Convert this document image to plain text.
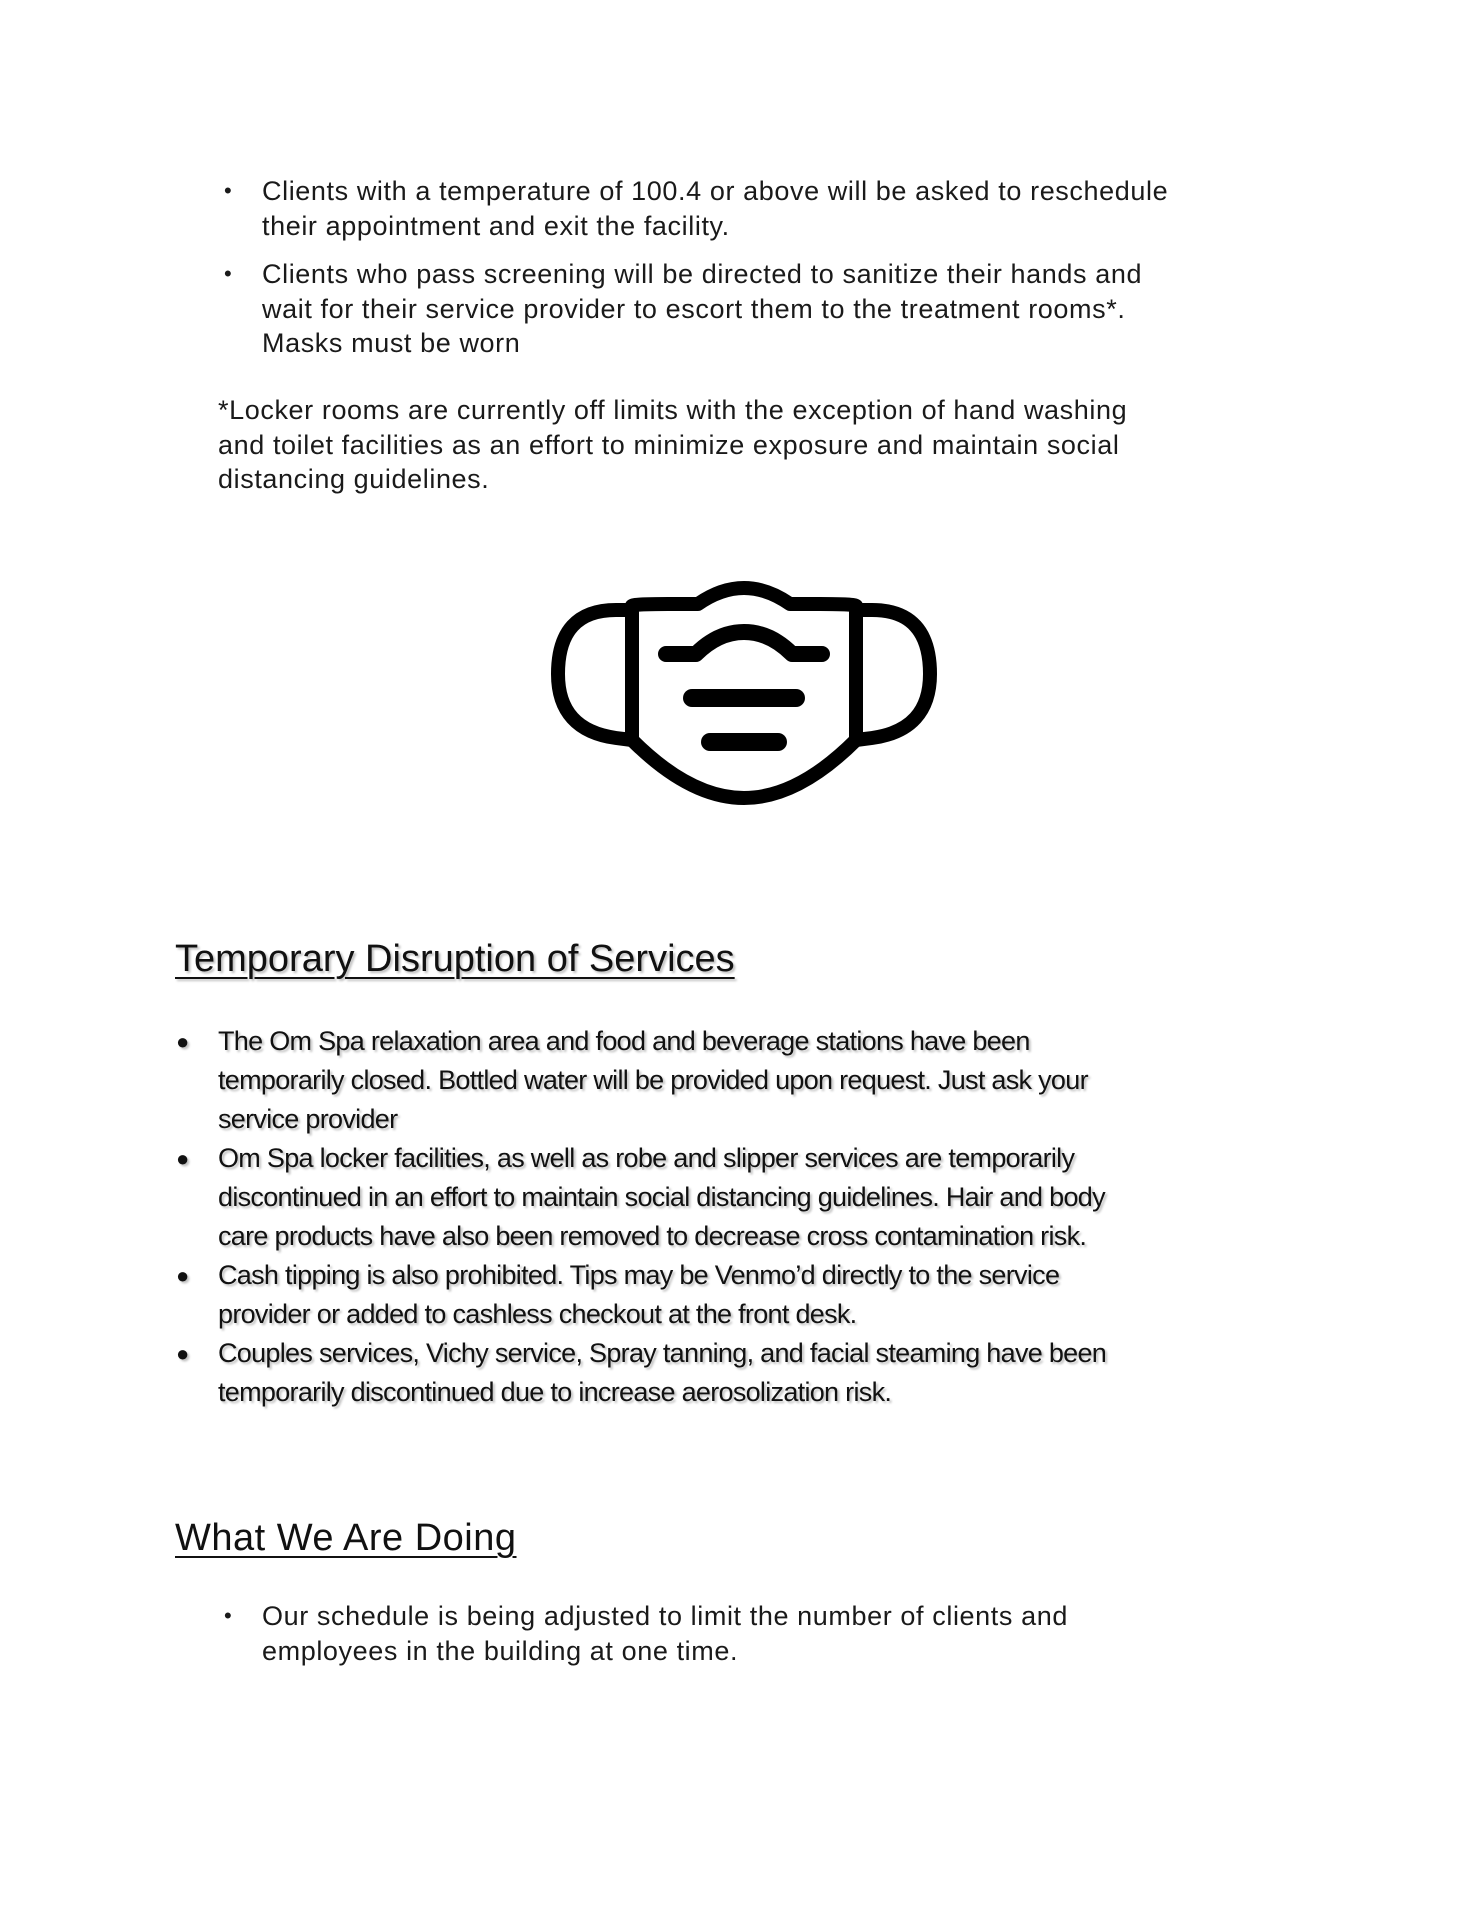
• Clients with a temperature of 100.4 or above will be asked to reschedule
their appointment and exit the facility.
• Clients who pass screening will be directed to sanitize their hands and
wait for their service provider to escort them to the treatment rooms*.
Masks must be worn
*Locker rooms are currently off limits with the exception of hand washing
and toilet facilities as an effort to minimize exposure and maintain social
distancing guidelines.
Temporary Disruption of Services
● The Om Spa relaxation area and food and beverage stations have been
temporarily closed. Bottled water will be provided upon request. Just ask your
service provider
● Om Spa locker facilities, as well as robe and slipper services are temporarily
discontinued in an effort to maintain social distancing guidelines. Hair and body
care products have also been removed to decrease cross contamination risk.
● Cash tipping is also prohibited. Tips may be Venmo’d directly to the service
provider or added to cashless checkout at the front desk.
● Couples services, Vichy service, Spray tanning, and facial steaming have been
temporarily discontinued due to increase aerosolization risk.
What We Are Doing
• Our schedule is being adjusted to limit the number of clients and
employees in the building at one time.
